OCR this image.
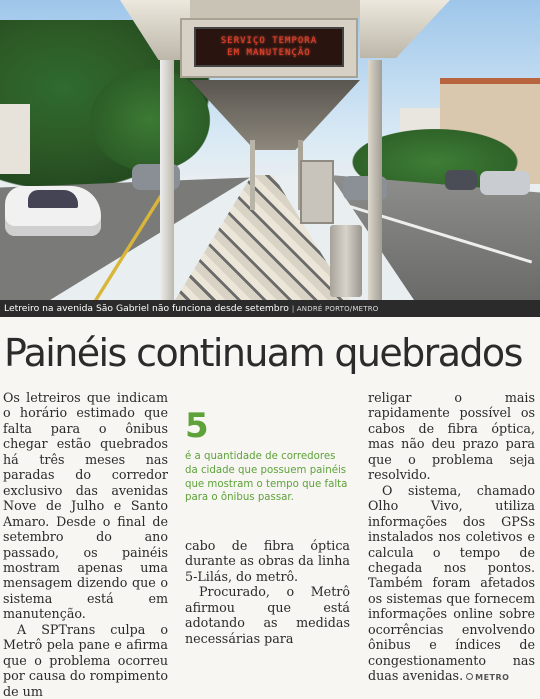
SERVIÇO TEMPORA
EM MANUTENÇÃO
Letreiro na avenida São Gabriel não funciona desde setembro | ANDRÉ PORTO/METRO
Painéis continuam quebrados

Os letreiros que indicam o horário estimado que falta para o ônibus chegar estão quebrados há três meses nas paradas do corredor exclusivo das avenidas Nove de Julho e Santo Amaro. Desde o final de setembro do ano passado, os painéis mostram apenas uma mensagem dizendo que o sistema está em manutenção.

A SPTrans culpa o Metrô pela pane e afirma que o problema ocorreu por causa do rompimento de um

5

é a quantidade de corredores da cidade que possuem painéis que mostram o tempo que falta para o ônibus passar.

cabo de fibra óptica durante as obras da linha 5-Lilás, do metrô.

Procurado, o Metrô afirmou que está adotando as medidas necessárias para

religar o mais rapidamente possível os cabos de fibra óptica, mas não deu prazo para que o problema seja resolvido.

O sistema, chamado Olho Vivo, utiliza informações dos GPSs instalados nos coletivos e calcula o tempo de chegada nos pontos. Também foram afetados os sistemas que fornecem informações online sobre ocorrências envolvendo ônibus e índices de congestionamento nas duas avenidas. METRO
